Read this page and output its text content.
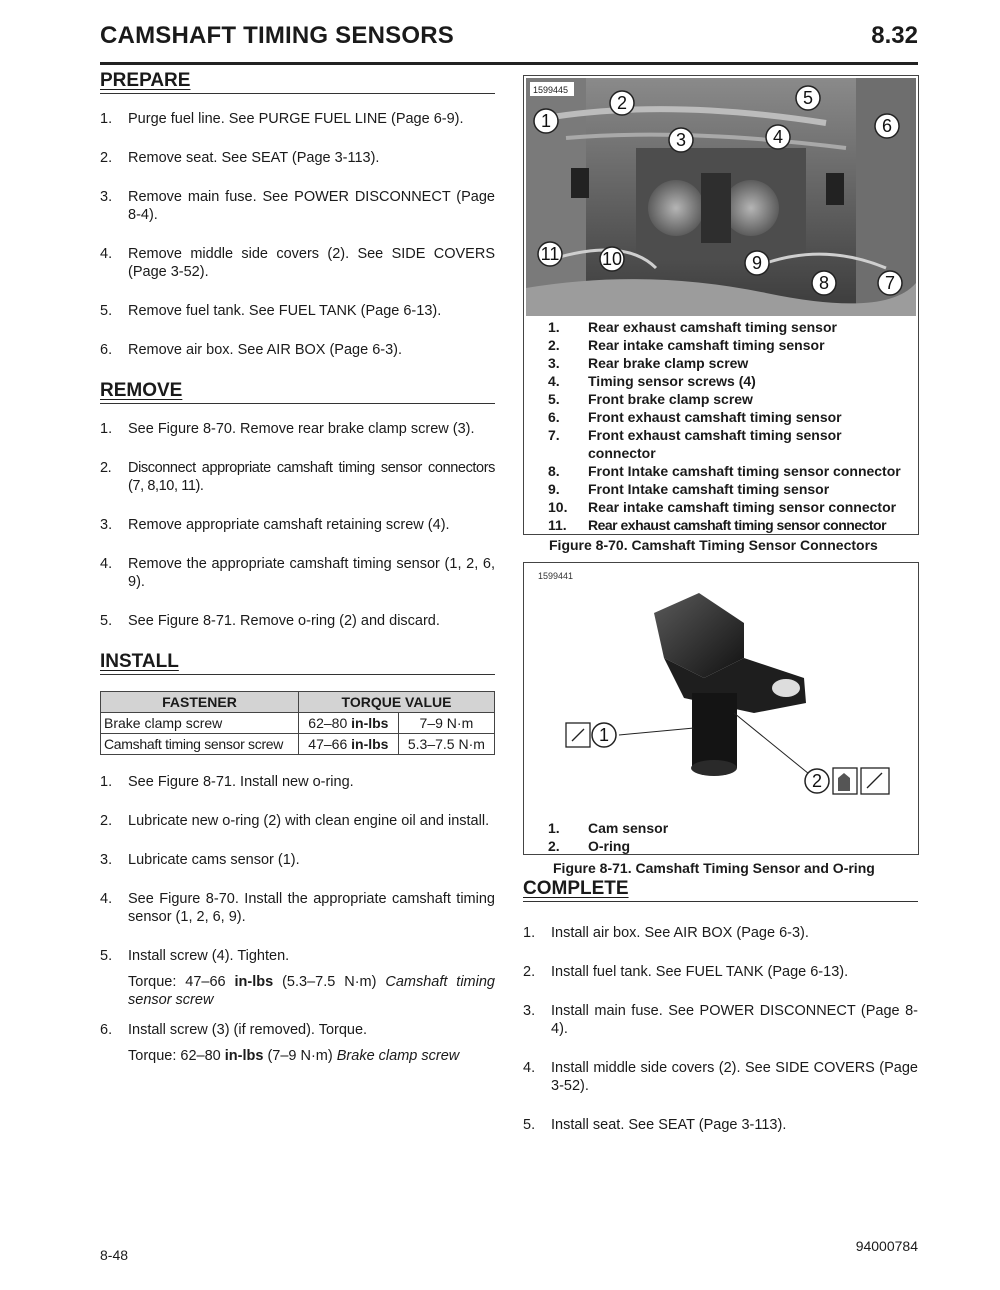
CAMSHAFT TIMING SENSORS	8.32
PREPARE
1. Purge fuel line. See PURGE FUEL LINE (Page 6-9).
2. Remove seat. See SEAT (Page 3-113).
3. Remove main fuse. See POWER DISCONNECT (Page 8-4).
4. Remove middle side covers (2). See SIDE COVERS (Page 3-52).
5. Remove fuel tank. See FUEL TANK (Page 6-13).
6. Remove air box. See AIR BOX (Page 6-3).
REMOVE
1. See Figure 8-70. Remove rear brake clamp screw (3).
2. Disconnect appropriate camshaft timing sensor connectors (7, 8,10, 11).
3. Remove appropriate camshaft retaining screw (4).
4. Remove the appropriate camshaft timing sensor (1, 2, 6, 9).
5. See Figure 8-71. Remove o-ring (2) and discard.
INSTALL
FASTENER	TORQUE VALUE	
Brake clamp screw	62–80 in-lbs	7–9 N·m
Camshaft timing sensor screw	47–66 in-lbs	5.3–7.5 N·m
1. See Figure 8-71. Install new o-ring.
2. Lubricate new o-ring (2) with clean engine oil and install.
3. Lubricate cams sensor (1).
4. See Figure 8-70. Install the appropriate camshaft timing sensor (1, 2, 6, 9).
5. Install screw (4). Tighten.
Torque: 47–66 in-lbs (5.3–7.5 N·m) Camshaft timing sensor screw
6. Install screw (3) (if removed). Torque.
Torque: 62–80 in-lbs (7–9 N·m) Brake clamp screw
1599445
1
2
3	4
5
6
7
8
9
10
11
1.	Rear exhaust camshaft timing sensor
2.	Rear intake camshaft timing sensor
3.	Rear brake clamp screw
4.	Timing sensor screws (4)
5.	Front brake clamp screw
6.	Front exhaust camshaft timing sensor
7.	Front exhaust camshaft timing sensor connector
8.	Front Intake camshaft timing sensor connector
9.	Front Intake camshaft timing sensor
10.	Rear intake camshaft timing sensor connector
11.	Rear exhaust camshaft timing sensor connector
Figure 8-70. Camshaft Timing Sensor Connectors
1599441
1
2
1.	Cam sensor
2.	O-ring
Figure 8-71. Camshaft Timing Sensor and O-ring
COMPLETE
1. Install air box. See AIR BOX (Page 6-3).
2. Install fuel tank. See FUEL TANK (Page 6-13).
3. Install main fuse. See POWER DISCONNECT (Page 8-4).
4. Install middle side covers (2). See SIDE COVERS (Page 3-52).
5. Install seat. See SEAT (Page 3-113).
8-48
94000784
